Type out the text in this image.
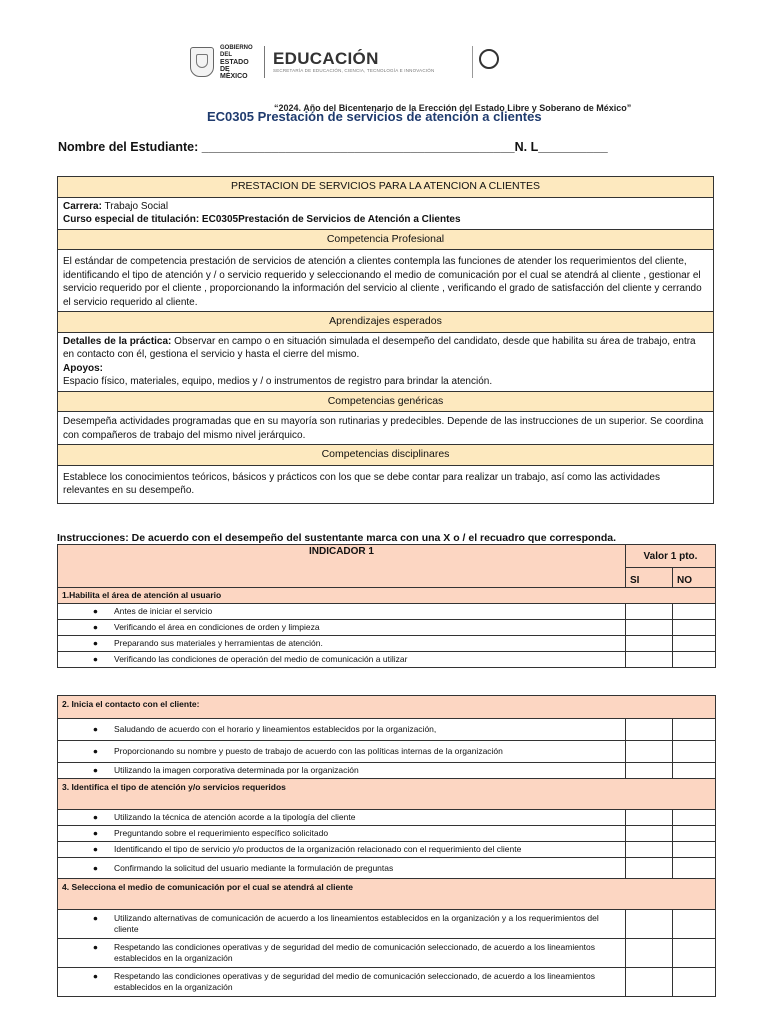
GOBIERNO DEL
ESTADO DE
MÉXICO
EDUCACIÓN
SECRETARÍA DE EDUCACIÓN, CIENCIA, TECNOLOGÍA E INNOVACIÓN
“2024. Año del Bicentenario de la Erección del Estado Libre y Soberano de México”
EC0305 Prestación de servicios de atención a clientes
Nombre del Estudiante: _____________________________________________N. L__________
PRESTACION DE SERVICIOS PARA LA ATENCION A CLIENTES

Carrera: Trabajo Social
Curso especial de titulación: EC0305Prestación de Servicios de Atención a Clientes

Competencia Profesional
El estándar de competencia prestación de servicios de atención a clientes contempla las funciones de atender los requerimientos del cliente, identificando el tipo de atención y / o servicio requerido y seleccionando el medio de comunicación por el cual se atendrá al cliente , gestionar el servicio requerido por el cliente , proporcionando la información del servicio al cliente , verificando el grado de satisfacción del cliente y cerrando el servicio requerido al cliente.
Aprendizajes esperados

Detalles de la práctica: Observar en campo o en situación simulada el desempeño del candidato, desde que habilita su área de trabajo, entra en contacto con él, gestiona el servicio y hasta el cierre del mismo.
Apoyos:
Espacio físico, materiales, equipo, medios y / o instrumentos de registro para brindar la atención.

Competencias genéricas
Desempeña actividades programadas que en su mayoría son rutinarias y predecibles. Depende de las instrucciones de un superior. Se coordina con compañeros de trabajo del mismo nivel jerárquico.
Competencias disciplinares
Establece los conocimientos teóricos, básicos y prácticos con los que se debe contar para realizar un trabajo, así como las actividades relevantes en su desempeño.
Instrucciones: De acuerdo con el desempeño del sustentante marca con una X o / el recuadro que corresponda.
INDICADOR 1	Valor 1 pto.	
	SI	NO
1.Habilita el área de atención al usuario		
● Antes de iniciar el servicio		
● Verificando el área en condiciones de orden y limpieza		
● Preparando sus materiales y herramientas de atención.		
● Verificando las condiciones de operación del medio de comunicación a utilizar		
2. Inicia el contacto con el cliente:		
● Saludando de acuerdo con el horario y lineamientos establecidos por la organización,		
● Proporcionando su nombre y puesto de trabajo de acuerdo con las políticas internas de la organización		
● Utilizando la imagen corporativa determinada por la organización		
3. Identifica el tipo de atención y/o servicios requeridos		
● Utilizando la técnica de atención acorde a la tipología del cliente		
● Preguntando sobre el requerimiento específico solicitado		
● Identificando el tipo de servicio y/o productos de la organización relacionado con el requerimiento del cliente		
● Confirmando la solicitud del usuario mediante la formulación de preguntas		
4. Selecciona el medio de comunicación por el cual se atendrá al cliente		

● Utilizando alternativas de comunicación de acuerdo a los lineamientos establecidos en la organización y a los requerimientos del cliente		

● Respetando las condiciones operativas y de seguridad del medio de comunicación seleccionado, de acuerdo a los lineamientos establecidos en la organización		

● Respetando las condiciones operativas y de seguridad del medio de comunicación seleccionado, de acuerdo a los lineamientos establecidos en la organización		
